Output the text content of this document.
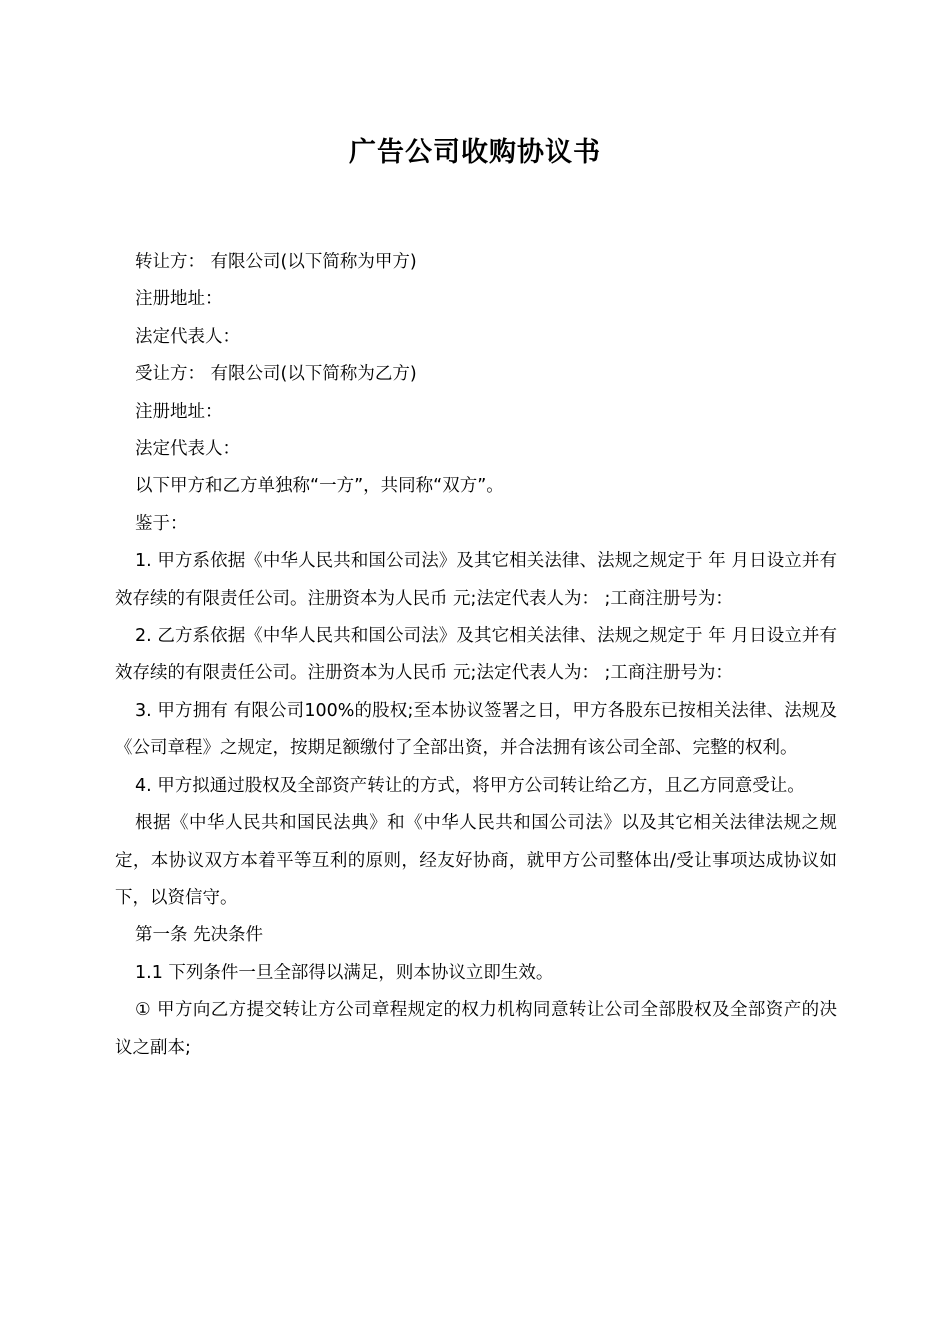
广告公司收购协议书

转让方： 有限公司(以下简称为甲方)

注册地址：

法定代表人：

受让方： 有限公司(以下简称为乙方)

注册地址：

法定代表人：

以下甲方和乙方单独称“一方”，共同称“双方”。

鉴于：

1. 甲方系依据《中华人民共和国公司法》及其它相关法律、法规之规定于 年 月日设立并有效存续的有限责任公司。注册资本为人民币 元;法定代表人为： ;工商注册号为：

2. 乙方系依据《中华人民共和国公司法》及其它相关法律、法规之规定于 年 月日设立并有效存续的有限责任公司。注册资本为人民币 元;法定代表人为： ;工商注册号为：

3. 甲方拥有 有限公司100%的股权;至本协议签署之日，甲方各股东已按相关法律、法规及《公司章程》之规定，按期足额缴付了全部出资，并合法拥有该公司全部、完整的权利。

4. 甲方拟通过股权及全部资产转让的方式，将甲方公司转让给乙方，且乙方同意受让。

根据《中华人民共和国民法典》和《中华人民共和国公司法》以及其它相关法律法规之规定，本协议双方本着平等互利的原则，经友好协商，就甲方公司整体出/受让事项达成协议如下，以资信守。

第一条 先决条件

1.1 下列条件一旦全部得以满足，则本协议立即生效。

① 甲方向乙方提交转让方公司章程规定的权力机构同意转让公司全部股权及全部资产的决议之副本;
